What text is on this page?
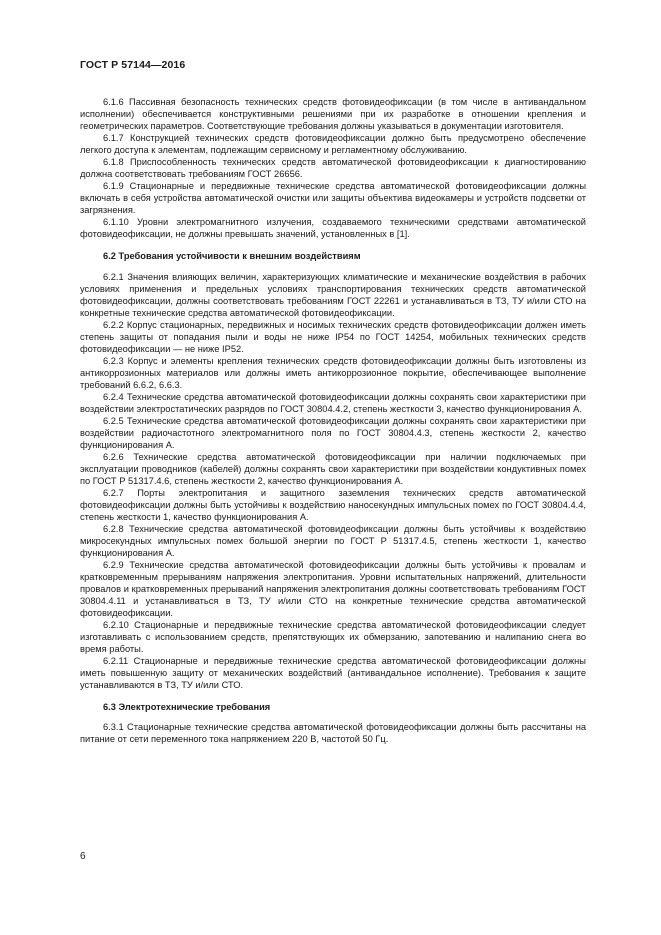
ГОСТ Р 57144—2016
6.1.6 Пассивная безопасность технических средств фотовидеофиксации (в том числе в антивандальном исполнении) обеспечивается конструктивными решениями при их разработке в отношении крепления и геометрических параметров. Соответствующие требования должны указываться в документации изготовителя.
6.1.7 Конструкцией технических средств фотовидеофиксации должно быть предусмотрено обеспечение легкого доступа к элементам, подлежащим сервисному и регламентному обслуживанию.
6.1.8 Приспособленность технических средств автоматической фотовидеофиксации к диагностированию должна соответствовать требованиям ГОСТ 26656.
6.1.9 Стационарные и передвижные технические средства автоматической фотовидеофиксации должны включать в себя устройства автоматической очистки или защиты объектива видеокамеры и устройств подсветки от загрязнения.
6.1.10 Уровни электромагнитного излучения, создаваемого техническими средствами автоматической фотовидеофиксации, не должны превышать значений, установленных в [1].
6.2 Требования устойчивости к внешним воздействиям
6.2.1 Значения влияющих величин, характеризующих климатические и механические воздействия в рабочих условиях применения и предельных условиях транспортирования технических средств автоматической фотовидеофиксации, должны соответствовать требованиям ГОСТ 22261 и устанавливаться в ТЗ, ТУ и/или СТО на конкретные технические средства автоматической фотовидеофиксации.
6.2.2 Корпус стационарных, передвижных и носимых технических средств фотовидеофиксации должен иметь степень защиты от попадания пыли и воды не ниже IP54 по ГОСТ 14254, мобильных технических средств фотовидеофиксации — не ниже IP52.
6.2.3 Корпус и элементы крепления технических средств фотовидеофиксации должны быть изготовлены из антикоррозионных материалов или должны иметь антикоррозионное покрытие, обеспечивающее выполнение требований 6.6.2, 6.6.3.
6.2.4 Технические средства автоматической фотовидеофиксации должны сохранять свои характеристики при воздействии электростатических разрядов по ГОСТ 30804.4.2, степень жесткости 3, качество функционирования А.
6.2.5 Технические средства автоматической фотовидеофиксации должны сохранять свои характеристики при воздействии радиочастотного электромагнитного поля по ГОСТ 30804.4.3, степень жесткости 2, качество функционирования А.
6.2.6 Технические средства автоматической фотовидеофиксации при наличии подключаемых при эксплуатации проводников (кабелей) должны сохранять свои характеристики при воздействии кондуктивных помех по ГОСТ Р 51317.4.6, степень жесткости 2, качество функционирования А.
6.2.7 Порты электропитания и защитного заземления технических средств автоматической фотовидеофиксации должны быть устойчивы к воздействию наносекундных импульсных помех по ГОСТ 30804.4.4, степень жесткости 1, качество функционирования А.
6.2.8 Технические средства автоматической фотовидеофиксации должны быть устойчивы к воздействию микросекундных импульсных помех большой энергии по ГОСТ Р 51317.4.5, степень жесткости 1, качество функционирования А.
6.2.9 Технические средства автоматической фотовидеофиксации должны быть устойчивы к провалам и кратковременным прерываниям напряжения электропитания. Уровни испытательных напряжений, длительности провалов и кратковременных прерываний напряжения электропитания должны соответствовать требованиям ГОСТ 30804.4.11 и устанавливаться в ТЗ, ТУ и/или СТО на конкретные технические средства автоматической фотовидеофиксации.
6.2.10 Стационарные и передвижные технические средства автоматической фотовидеофиксации следует изготавливать с использованием средств, препятствующих их обмерзанию, запотеванию и налипанию снега во время работы.
6.2.11 Стационарные и передвижные технические средства автоматической фотовидеофиксации должны иметь повышенную защиту от механических воздействий (антивандальное исполнение). Требования к защите устанавливаются в ТЗ, ТУ и/или СТО.
6.3 Электротехнические требования
6.3.1 Стационарные технические средства автоматической фотовидеофиксации должны быть рассчитаны на питание от сети переменного тока напряжением 220 В, частотой 50 Гц.
6
